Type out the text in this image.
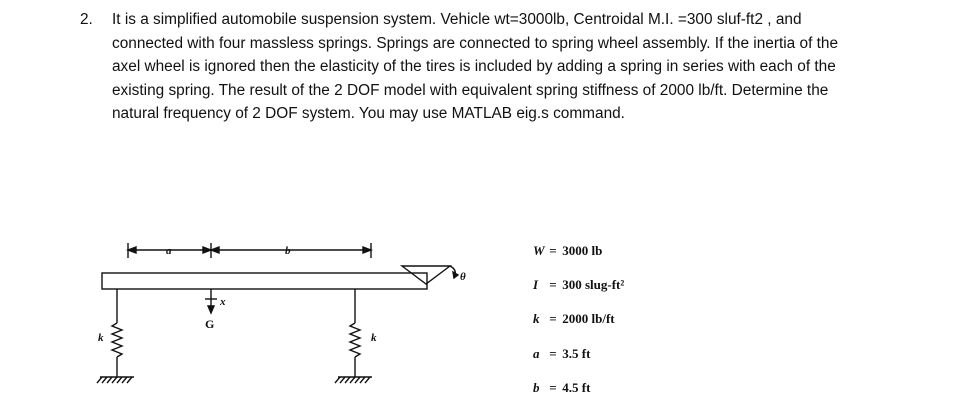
2. It is a simplified automobile suspension system. Vehicle wt=3000lb, Centroidal M.I. =300 sluf-ft2 , and connected with four massless springs. Springs are connected to spring wheel assembly. If the inertia of the axel wheel is ignored then the elasticity of the tires is included by adding a spring in series with each of the existing spring. The result of the 2 DOF model with equivalent spring stiffness of 2000 lb/ft. Determine the natural frequency of 2 DOF system. You may use MATLAB eig.s command.
a	b
x
G
k	k
θ
W = 3000 lb
I = 300 slug-ft²
k = 2000 lb/ft
a = 3.5 ft
b = 4.5 ft
